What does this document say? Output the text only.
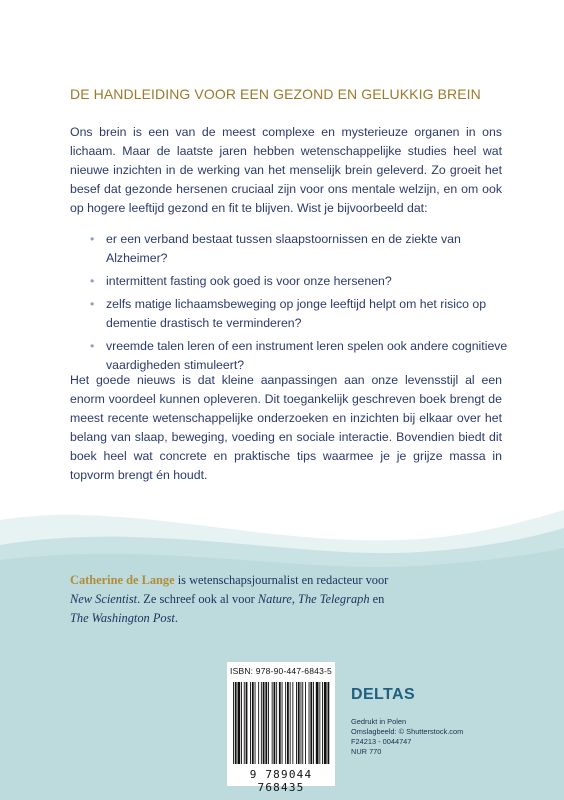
DE HANDLEIDING VOOR EEN GEZOND EN GELUKKIG BREIN

Ons brein is een van de meest complexe en mysterieuze organen in ons lichaam. Maar de laatste jaren hebben wetenschappelijke studies heel wat nieuwe inzichten in de werking van het menselijk brein geleverd. Zo groeit het besef dat gezonde hersenen cruciaal zijn voor ons mentale welzijn, en om ook op hogere leeftijd gezond en fit te blijven. Wist je bijvoorbeeld dat:

• er een verband bestaat tussen slaapstoornissen en de ziekte van Alzheimer?
• intermittent fasting ook goed is voor onze hersenen?
• zelfs matige lichaamsbeweging op jonge leeftijd helpt om het risico op dementie drastisch te verminderen?
• vreemde talen leren of een instrument leren spelen ook andere cognitieve vaardigheden stimuleert?

Het goede nieuws is dat kleine aanpassingen aan onze levensstijl al een enorm voordeel kunnen opleveren. Dit toegankelijk geschreven boek brengt de meest recente wetenschappelijke onderzoeken en inzichten bij elkaar over het belang van slaap, beweging, voeding en sociale interactie. Bovendien biedt dit boek heel wat concrete en praktische tips waarmee je je grijze massa in topvorm brengt én houdt.

Catherine de Lange is wetenschapsjournalist en redacteur voor New Scientist. Ze schreef ook al voor Nature, The Telegraph en The Washington Post.
ISBN: 978-90-447-6843-5
9 789044 768435
DELTAS
Gedrukt in Polen
Omslagbeeld: © Shutterstock.com
F24213 - 0044747
NUR 770
